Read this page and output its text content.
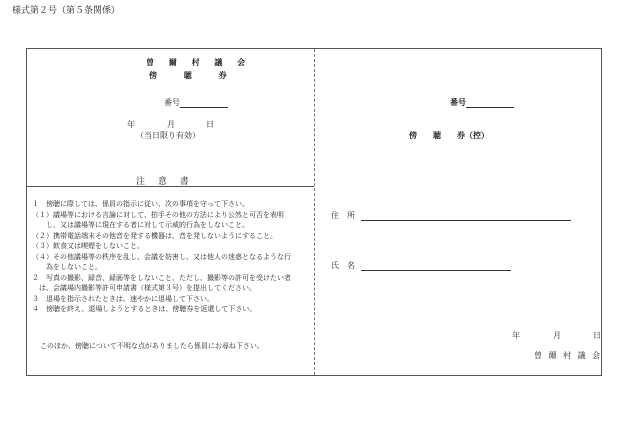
様式第２号（第５条関係）
曽 爾 村 議 会
傍 聴 券
番号
年	月	日
（当日限り有効）
注 意 書
１　傍聴に際しては、係員の指示に従い、次の事項を守って下さい。
（１）議場等における言論に対して、拍手その他の方法により公然と可否を表明
　　し、又は議場等に現在する者に対して示威的行為をしないこと。
（２）携帯電話端末その他音を発する機器は、音を発しないようにすること。
（３）飲食又は喫煙をしないこと。
（４）その他議場等の秩序を乱し、会議を妨害し、又は他人の迷惑となるような行
　　為をしないこと。
２　写真の撮影、録音、録画等をしないこと。ただし、撮影等の許可を受けたい者
　は、会議場内撮影等許可申請書（様式第３号）を提出してください。
３　退場を指示されたときは、速やかに退場して下さい。
４　傍聴を終え、退場しようとするときは、傍聴券を返還して下さい。
このほか、傍聴について不明な点がありましたら係員にお尋ね下さい。
番号
傍　　聴　　券（控）
住　所
氏　名
年	月	日
曽 爾 村 議 会
